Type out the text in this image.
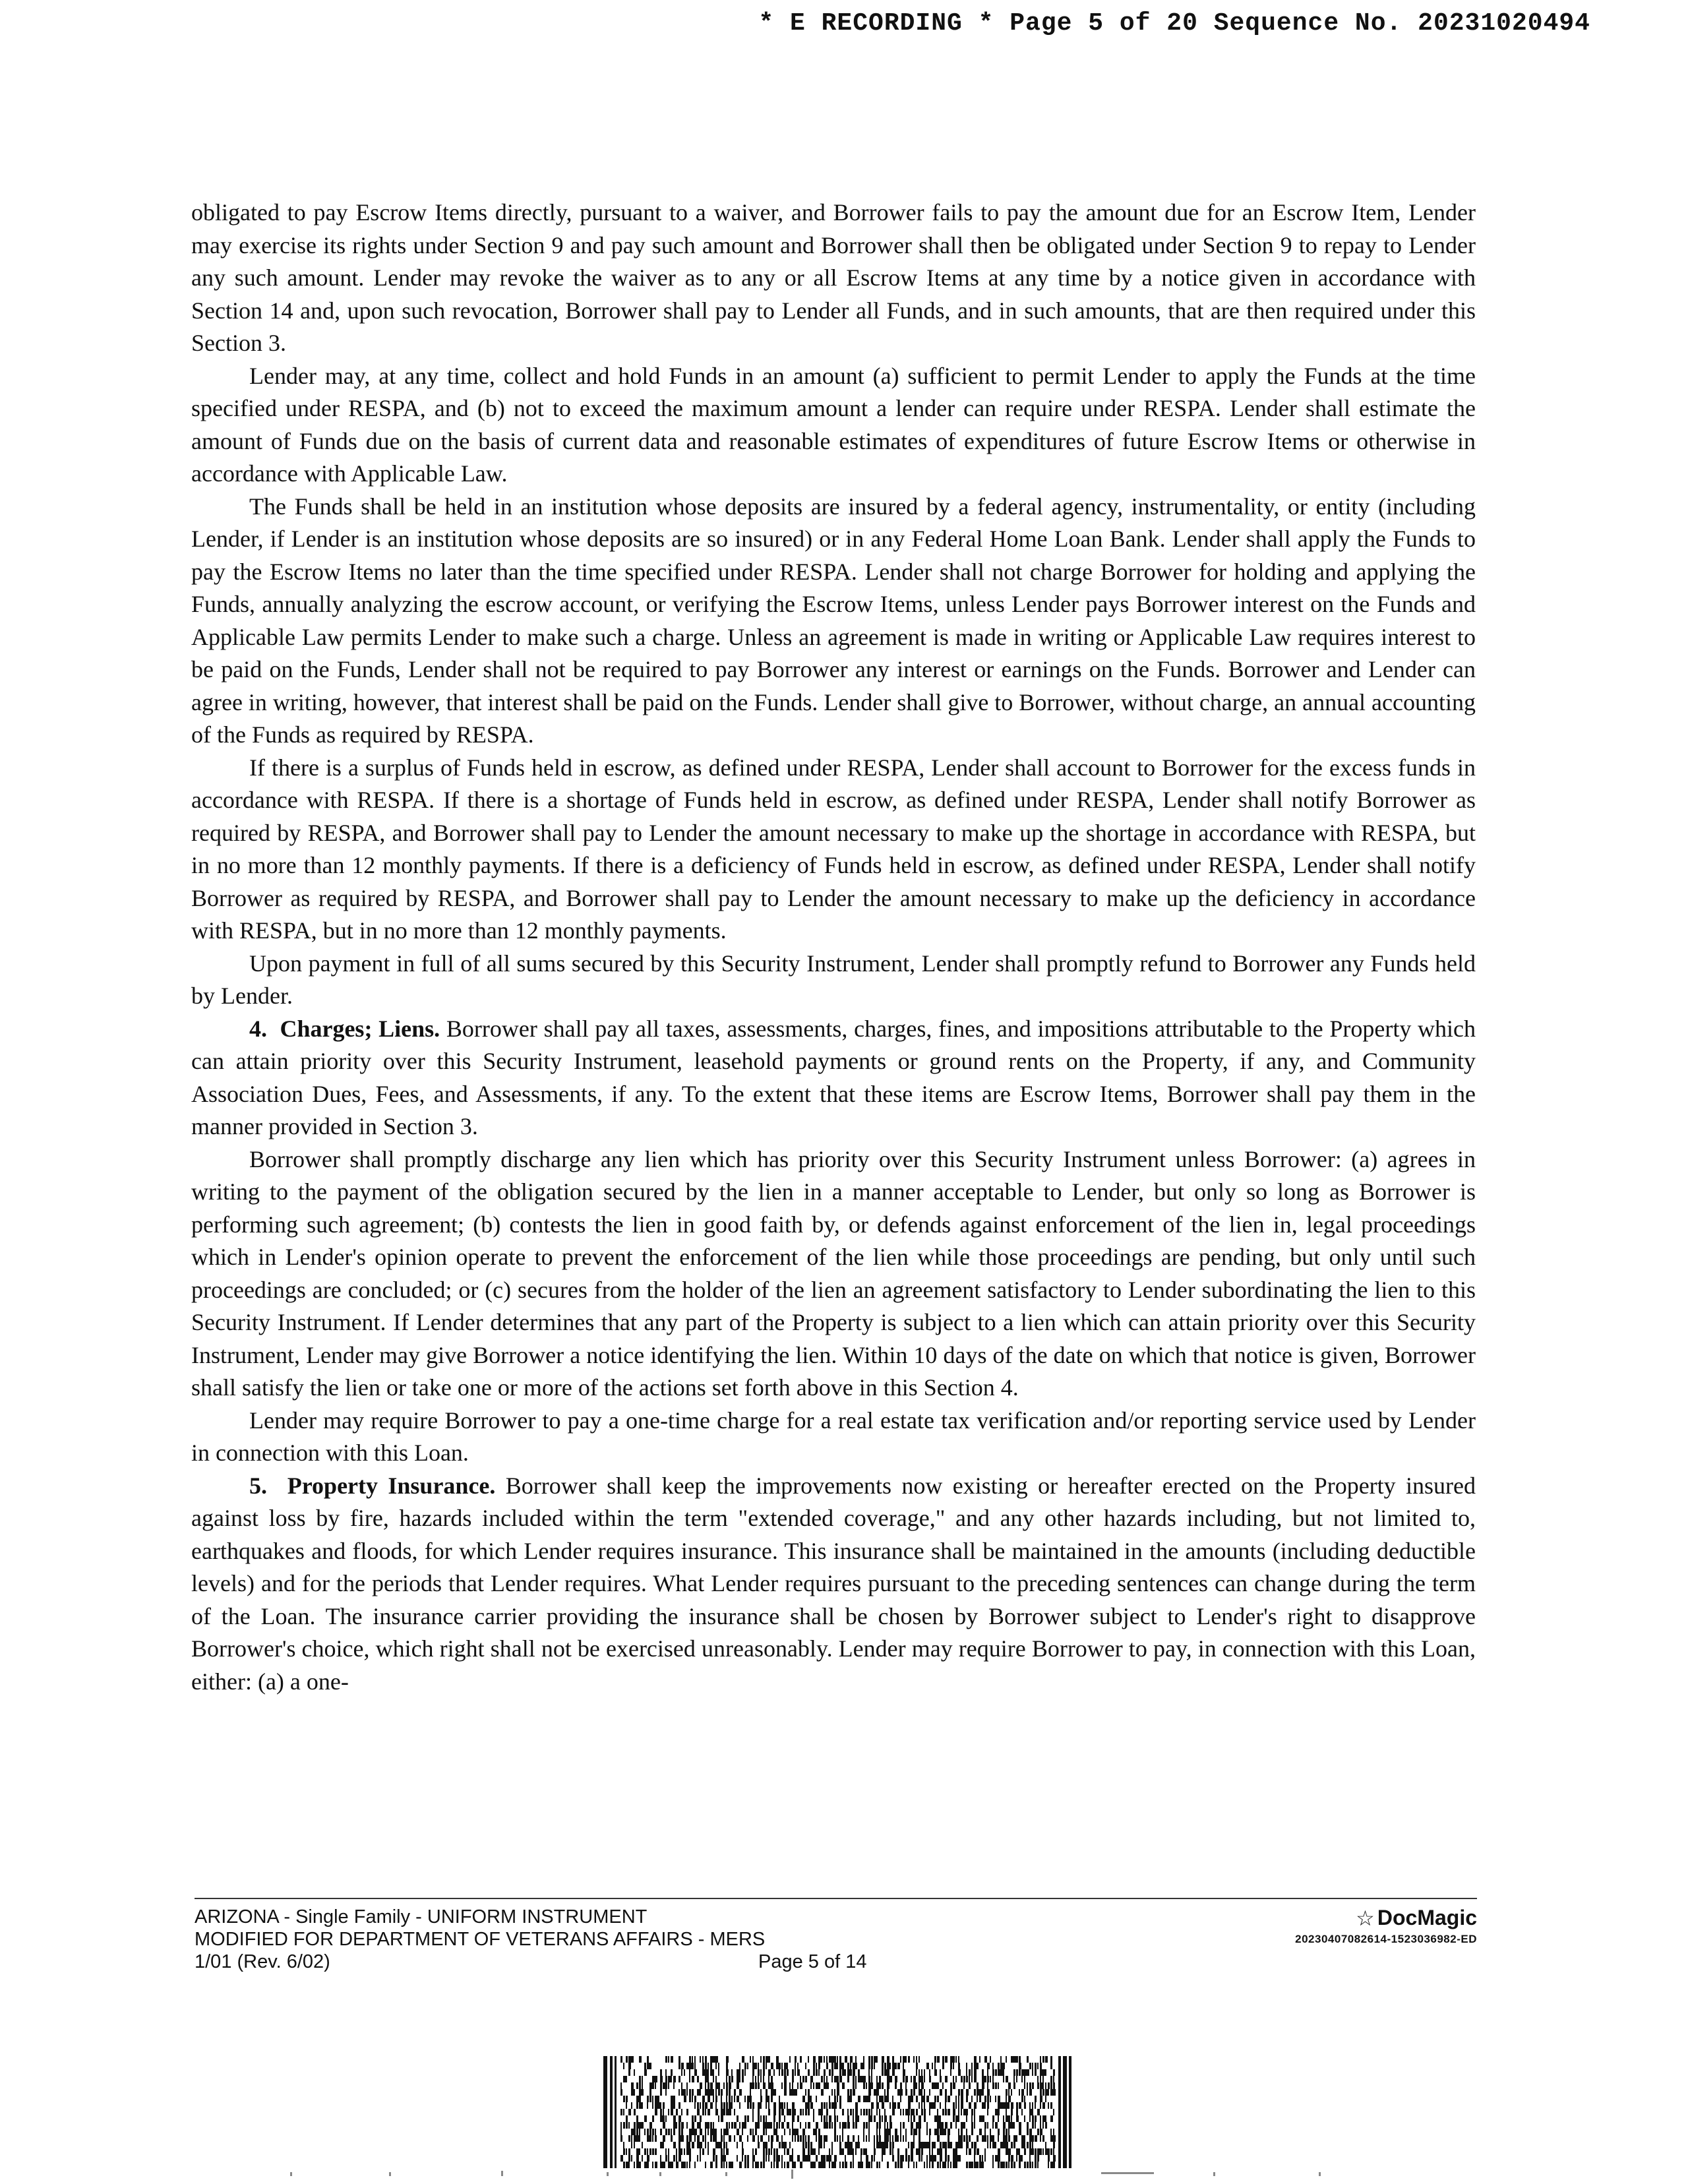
* E RECORDING * Page 5 of 20 Sequence No. 20231020494

obligated to pay Escrow Items directly, pursuant to a waiver, and Borrower fails to pay the amount due for an Escrow Item, Lender may exercise its rights under Section 9 and pay such amount and Borrower shall then be obligated under Section 9 to repay to Lender any such amount. Lender may revoke the waiver as to any or all Escrow Items at any time by a notice given in accordance with Section 14 and, upon such revocation, Borrower shall pay to Lender all Funds, and in such amounts, that are then required under this Section 3.

Lender may, at any time, collect and hold Funds in an amount (a) sufficient to permit Lender to apply the Funds at the time specified under RESPA, and (b) not to exceed the maximum amount a lender can require under RESPA. Lender shall estimate the amount of Funds due on the basis of current data and reasonable estimates of expenditures of future Escrow Items or otherwise in accordance with Applicable Law.

The Funds shall be held in an institution whose deposits are insured by a federal agency, instrumentality, or entity (including Lender, if Lender is an institution whose deposits are so insured) or in any Federal Home Loan Bank. Lender shall apply the Funds to pay the Escrow Items no later than the time specified under RESPA. Lender shall not charge Borrower for holding and applying the Funds, annually analyzing the escrow account, or verifying the Escrow Items, unless Lender pays Borrower interest on the Funds and Applicable Law permits Lender to make such a charge. Unless an agreement is made in writing or Applicable Law requires interest to be paid on the Funds, Lender shall not be required to pay Borrower any interest or earnings on the Funds. Borrower and Lender can agree in writing, however, that interest shall be paid on the Funds. Lender shall give to Borrower, without charge, an annual accounting of the Funds as required by RESPA.

If there is a surplus of Funds held in escrow, as defined under RESPA, Lender shall account to Borrower for the excess funds in accordance with RESPA. If there is a shortage of Funds held in escrow, as defined under RESPA, Lender shall notify Borrower as required by RESPA, and Borrower shall pay to Lender the amount necessary to make up the shortage in accordance with RESPA, but in no more than 12 monthly payments. If there is a deficiency of Funds held in escrow, as defined under RESPA, Lender shall notify Borrower as required by RESPA, and Borrower shall pay to Lender the amount necessary to make up the deficiency in accordance with RESPA, but in no more than 12 monthly payments.

Upon payment in full of all sums secured by this Security Instrument, Lender shall promptly refund to Borrower any Funds held by Lender.

4. Charges; Liens. Borrower shall pay all taxes, assessments, charges, fines, and impositions attributable to the Property which can attain priority over this Security Instrument, leasehold payments or ground rents on the Property, if any, and Community Association Dues, Fees, and Assessments, if any. To the extent that these items are Escrow Items, Borrower shall pay them in the manner provided in Section 3.

Borrower shall promptly discharge any lien which has priority over this Security Instrument unless Borrower: (a) agrees in writing to the payment of the obligation secured by the lien in a manner acceptable to Lender, but only so long as Borrower is performing such agreement; (b) contests the lien in good faith by, or defends against enforcement of the lien in, legal proceedings which in Lender's opinion operate to prevent the enforcement of the lien while those proceedings are pending, but only until such proceedings are concluded; or (c) secures from the holder of the lien an agreement satisfactory to Lender subordinating the lien to this Security Instrument. If Lender determines that any part of the Property is subject to a lien which can attain priority over this Security Instrument, Lender may give Borrower a notice identifying the lien. Within 10 days of the date on which that notice is given, Borrower shall satisfy the lien or take one or more of the actions set forth above in this Section 4.

Lender may require Borrower to pay a one-time charge for a real estate tax verification and/or reporting service used by Lender in connection with this Loan.

5. Property Insurance. Borrower shall keep the improvements now existing or hereafter erected on the Property insured against loss by fire, hazards included within the term "extended coverage," and any other hazards including, but not limited to, earthquakes and floods, for which Lender requires insurance. This insurance shall be maintained in the amounts (including deductible levels) and for the periods that Lender requires. What Lender requires pursuant to the preceding sentences can change during the term of the Loan. The insurance carrier providing the insurance shall be chosen by Borrower subject to Lender's right to disapprove Borrower's choice, which right shall not be exercised unreasonably. Lender may require Borrower to pay, in connection with this Loan, either: (a) a one-

ARIZONA - Single Family - UNIFORM INSTRUMENT
MODIFIED FOR DEPARTMENT OF VETERANS AFFAIRS - MERS
1/01 (Rev. 6/02)	Page 5 of 14
☆ DocMagic
20230407082614-1523036982-ED
